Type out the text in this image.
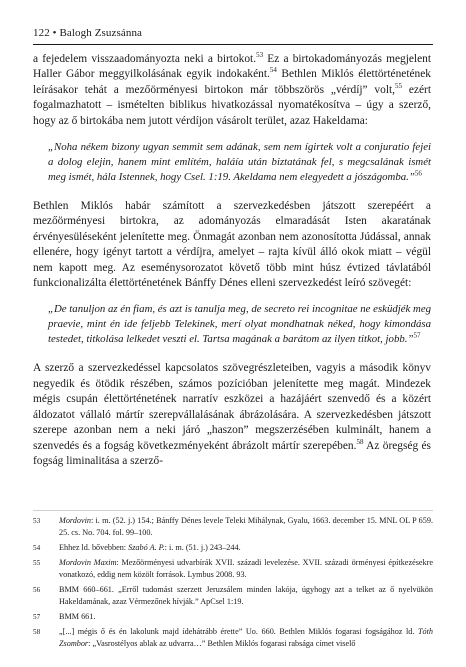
122 • Balogh Zsuzsánna

a fejedelem visszaadományozta neki a birtokot.$^{53}$ Ez a birtokadományozás megjelent Haller Gábor meggyilkolásának egyik indokaként.$^{54}$ Bethlen Miklós élettörténetének leírásakor tehát a mezőörményesi birtokon már többszörös „vérdíj” volt,$^{55}$ ezért fogalmazhatott – ismételten biblikus hivatkozással nyomatékosítva – úgy a szerző, hogy az ő birtokába nem jutott vérdíjon vásárolt terület, azaz Hakeldama:

„Noha nékem bizony ugyan semmit sem adának, sem nem ígirtek volt a conjuratio fejei a dolog elejin, hanem mint említém, haláía után biztatának fel, s megcsalának ismét meg ismét, hála Istennek, hogy Csel. 1:19. Akeldama nem elegyedett a jószágomba.”$^{56}$

Bethlen Miklós habár számított a szervezkedésben játszott szerepéért a mezőörményesi birtokra, az adományozás elmaradását Isten akaratának érvényesüléseként jelenítette meg. Önmagát azonban nem azonosította Júdással, annak ellenére, hogy igényt tartott a vérdíjra, amelyet – rajta kívül álló okok miatt – végül nem kapott meg. Az eseménysorozatot követő több mint húsz évtized távlatából funkcionalizálta élettörténetének Bánffy Dénes elleni szervezkedést leíró szövegét:

„De tanuljon az én fiam, és azt is tanulja meg, de secreto rei incognitae ne esküdjék meg praevie, mint én ide feljebb Telekinek, merí olyat mondhatnak néked, hogy kimondása testedet, titkolása lelkedet veszti el. Tartsa magának a barátom az ilyen titkot, jobb.”$^{57}$

A szerző a szervezkedéssel kapcsolatos szövegrészleteiben, vagyis a második könyv negyedik és ötödik részében, számos pozícióban jelenítette meg magát. Mindezek mégis csupán élettörténetének narratív eszközei a hazájáért szenvedő és a közért áldozatot vállaló mártír szerepvállalásának ábrázolására. A szervezkedésben játszott szerepe azonban nem a neki járó „haszon” megszerzésében kulminált, hanem a szenvedés és a fogság következményeként ábrázolt mártír szerepében.$^{58}$ Az öregség és fogság liminalitása a szerző-

53	Mordovin: i. m. (52. j.) 154.; Bánffy Dénes levele Teleki Mihálynak, Gyalu, 1663. december 15. MNL OL P 659. 25. cs. No. 704. fol. 99–100.
54	Ehhez ld. bővebben: Szabó A. P.: i. m. (51. j.) 243–244.
55	Mordovin Maxim: Mezőörményesi udvarbírák XVII. századi levelezése. XVII. századi örményesi építkezésekre vonatkozó, eddig nem közölt források. Lymbus 2008. 93.
56	BMM 660–661. „Erről tudomást szerzett Jeruzsálem minden lakója, úgyhogy azt a telket az ő nyelvükön Hakeldamának, azaz Vérmezőnek hívják.” ApCsel 1:19.
57	BMM 661.
58	„[...] mégis ő és én lakolunk majd ídehátrább érette” Uo. 660. Bethlen Miklós fogarasi fogságához ld. Tóth Zsombor: „Vasrostélyos ablak az udvarra…” Bethlen Miklós fogarasi rabsága címet viselő
